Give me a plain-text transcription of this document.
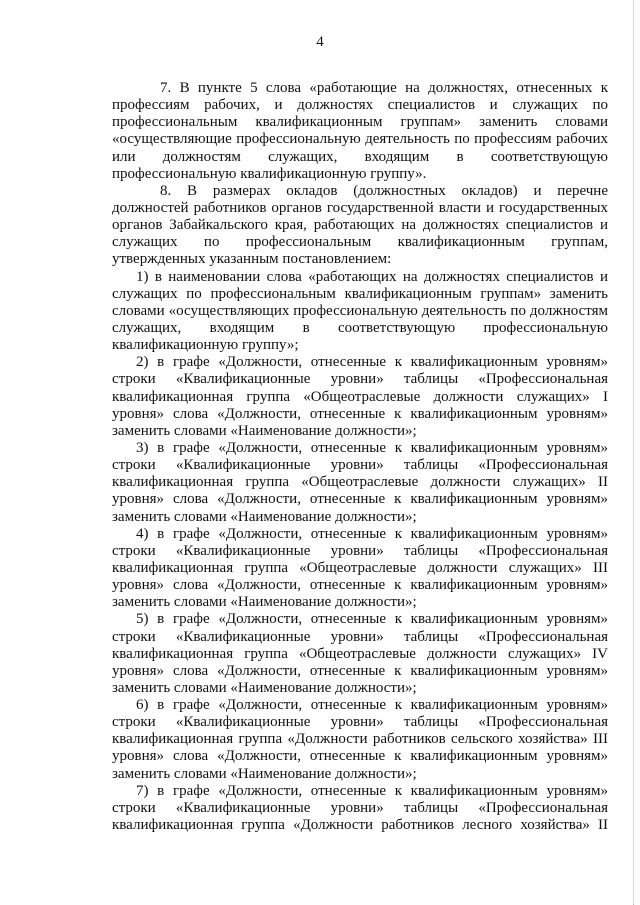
4
7. В пункте 5 слова «работающие на должностях, отнесенных к
профессиям рабочих, и должностях специалистов и служащих по
профессиональным квалификационным группам» заменить словами
«осуществляющие профессиональную деятельность по профессиям рабочих
или должностям служащих, входящим в соответствующую
профессиональную квалификационную группу».
8. В размерах окладов (должностных окладов) и перечне
должностей работников органов государственной власти и государственных
органов Забайкальского края, работающих на должностях специалистов и
служащих по профессиональным квалификационным группам,
утвержденных указанным постановлением:
1) в наименовании слова «работающих на должностях специалистов и
служащих по профессиональным квалификационным группам» заменить
словами «осуществляющих профессиональную деятельность по должностям
служащих, входящим в соответствующую профессиональную
квалификационную группу»;
2) в графе «Должности, отнесенные к квалификационным уровням»
строки «Квалификационные уровни» таблицы «Профессиональная
квалификационная группа «Общеотраслевые должности служащих» I
уровня» слова «Должности, отнесенные к квалификационным уровням»
заменить словами «Наименование должности»;
3) в графе «Должности, отнесенные к квалификационным уровням»
строки «Квалификационные уровни» таблицы «Профессиональная
квалификационная группа «Общеотраслевые должности служащих» II
уровня» слова «Должности, отнесенные к квалификационным уровням»
заменить словами «Наименование должности»;
4) в графе «Должности, отнесенные к квалификационным уровням»
строки «Квалификационные уровни» таблицы «Профессиональная
квалификационная группа «Общеотраслевые должности служащих» III
уровня» слова «Должности, отнесенные к квалификационным уровням»
заменить словами «Наименование должности»;
5) в графе «Должности, отнесенные к квалификационным уровням»
строки «Квалификационные уровни» таблицы «Профессиональная
квалификационная группа «Общеотраслевые должности служащих» IV
уровня» слова «Должности, отнесенные к квалификационным уровням»
заменить словами «Наименование должности»;
6) в графе «Должности, отнесенные к квалификационным уровням»
строки «Квалификационные уровни» таблицы «Профессиональная
квалификационная группа «Должности работников сельского хозяйства» III
уровня» слова «Должности, отнесенные к квалификационным уровням»
заменить словами «Наименование должности»;
7) в графе «Должности, отнесенные к квалификационным уровням»
строки «Квалификационные уровни» таблицы «Профессиональная
квалификационная группа «Должности работников лесного хозяйства» II
